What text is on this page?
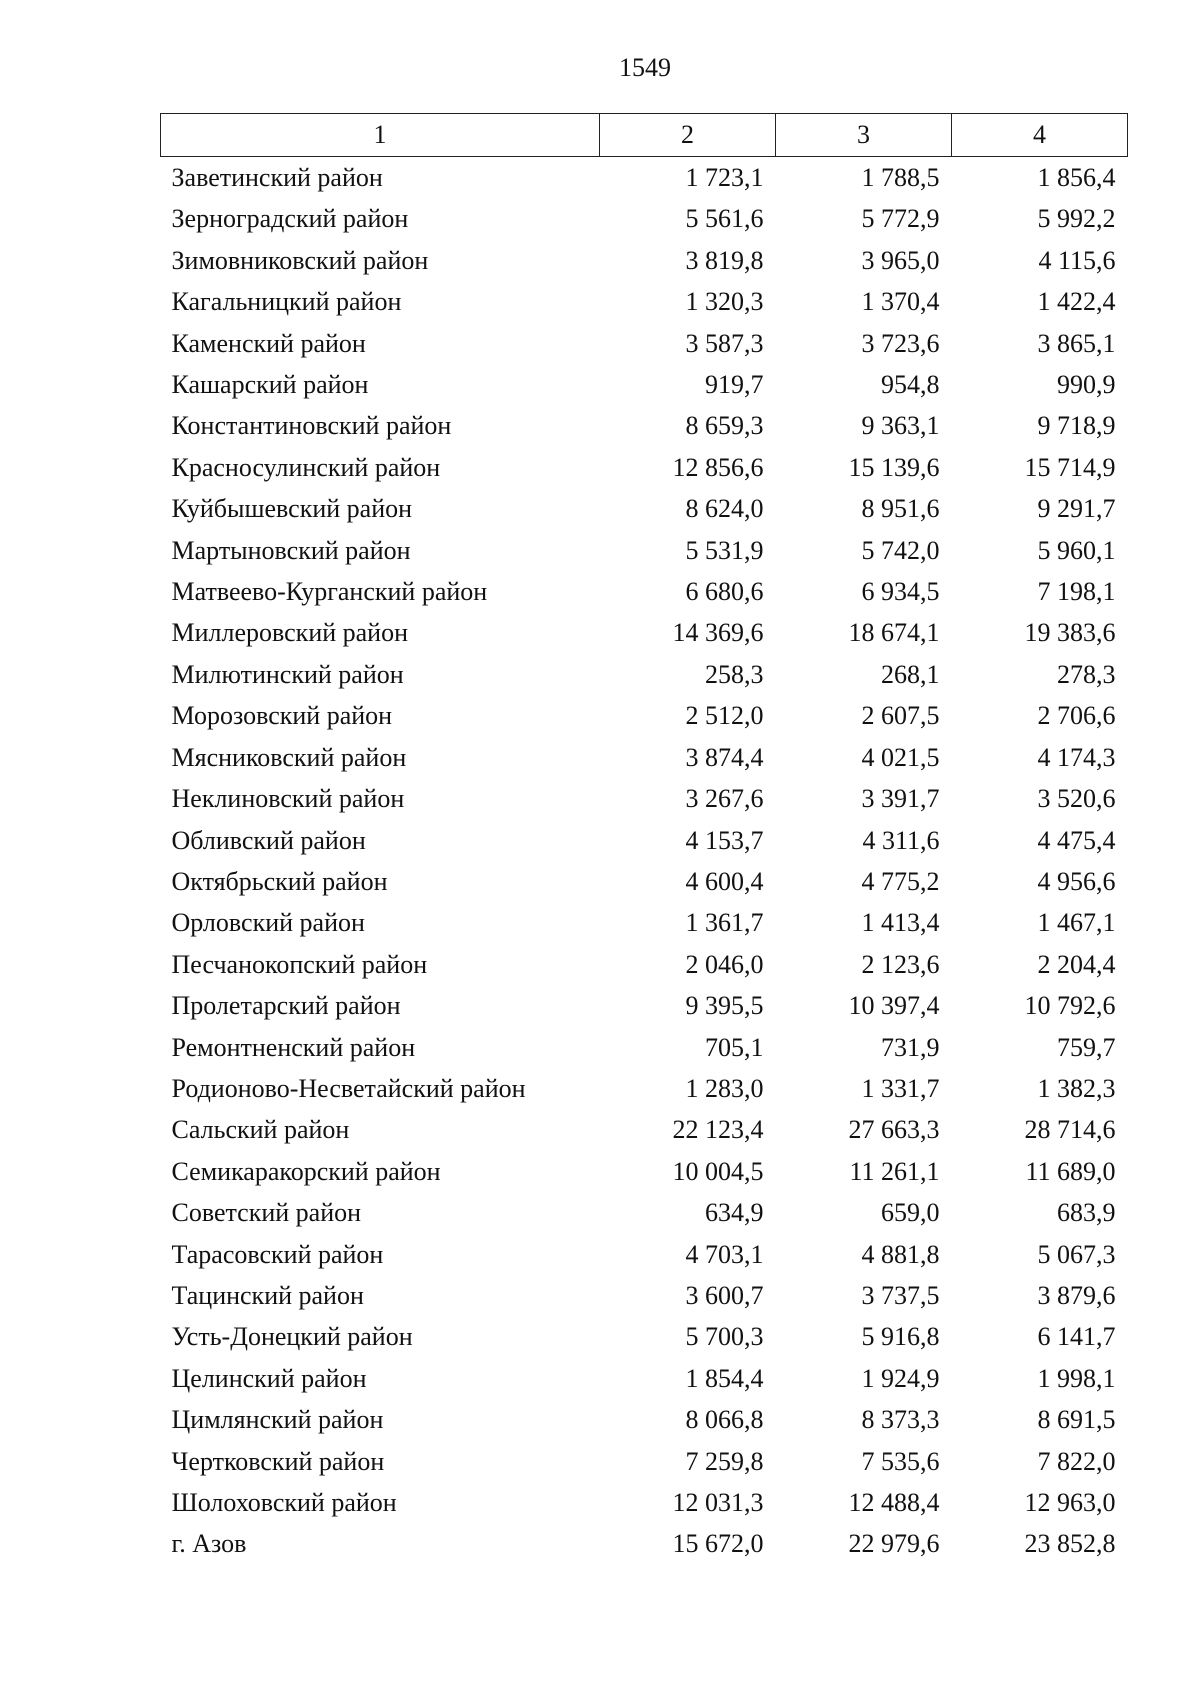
1549
1	2	3	4
Заветинский район	1 723,1	1 788,5	1 856,4
Зерноградский район	5 561,6	5 772,9	5 992,2
Зимовниковский район	3 819,8	3 965,0	4 115,6
Кагальницкий район	1 320,3	1 370,4	1 422,4
Каменский район	3 587,3	3 723,6	3 865,1
Кашарский район	919,7	954,8	990,9
Константиновский район	8 659,3	9 363,1	9 718,9
Красносулинский район	12 856,6	15 139,6	15 714,9
Куйбышевский район	8 624,0	8 951,6	9 291,7
Мартыновский район	5 531,9	5 742,0	5 960,1
Матвеево-Курганский район	6 680,6	6 934,5	7 198,1
Миллеровский район	14 369,6	18 674,1	19 383,6
Милютинский район	258,3	268,1	278,3
Морозовский район	2 512,0	2 607,5	2 706,6
Мясниковский район	3 874,4	4 021,5	4 174,3
Неклиновский район	3 267,6	3 391,7	3 520,6
Обливский район	4 153,7	4 311,6	4 475,4
Октябрьский район	4 600,4	4 775,2	4 956,6
Орловский район	1 361,7	1 413,4	1 467,1
Песчанокопский район	2 046,0	2 123,6	2 204,4
Пролетарский район	9 395,5	10 397,4	10 792,6
Ремонтненский район	705,1	731,9	759,7
Родионово-Несветайский район	1 283,0	1 331,7	1 382,3
Сальский район	22 123,4	27 663,3	28 714,6
Семикаракорский район	10 004,5	11 261,1	11 689,0
Советский район	634,9	659,0	683,9
Тарасовский район	4 703,1	4 881,8	5 067,3
Тацинский район	3 600,7	3 737,5	3 879,6
Усть-Донецкий район	5 700,3	5 916,8	6 141,7
Целинский район	1 854,4	1 924,9	1 998,1
Цимлянский район	8 066,8	8 373,3	8 691,5
Чертковский район	7 259,8	7 535,6	7 822,0
Шолоховский район	12 031,3	12 488,4	12 963,0
г. Азов	15 672,0	22 979,6	23 852,8
